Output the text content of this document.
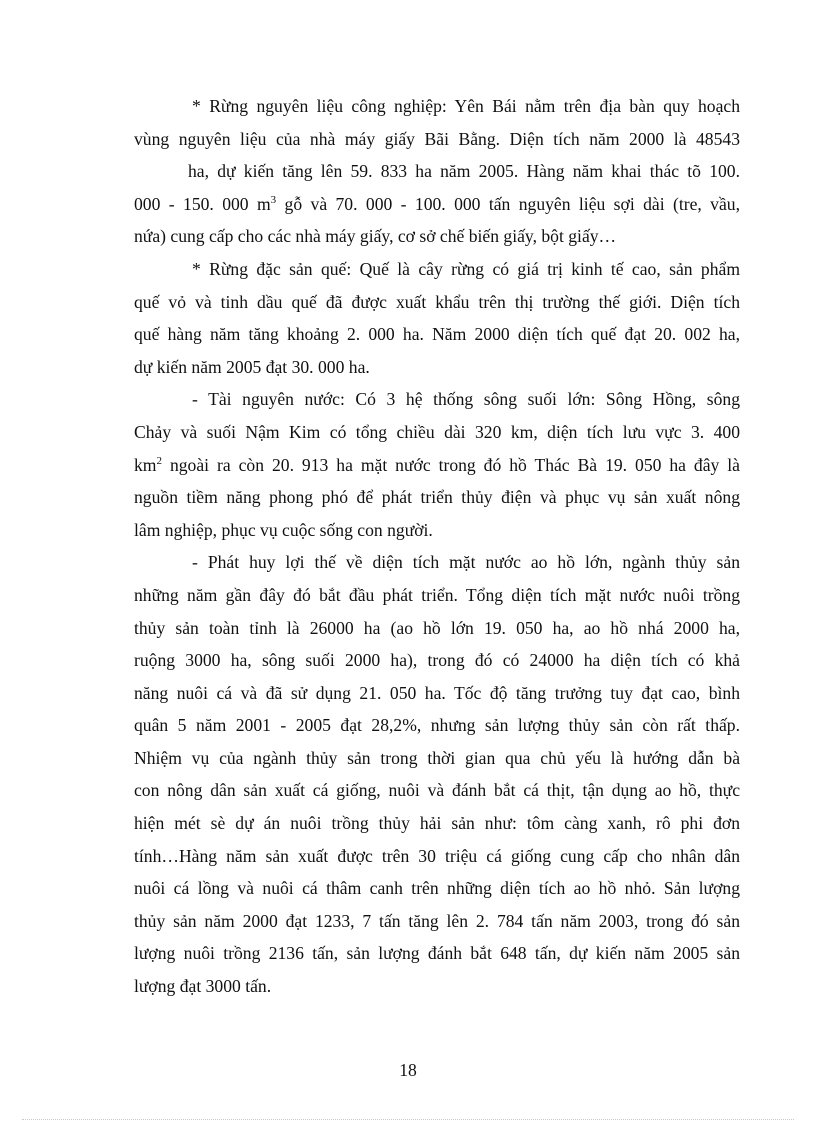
* Rừng nguyên liệu công nghiệp: Yên Bái nằm trên địa bàn quy hoạch
vùng nguyên liệu của nhà máy giấy Bãi Bằng. Diện tích năm 2000 là 48543
ha, dự kiến tăng lên 59. 833 ha năm 2005. Hàng năm khai thác tõ 100.
000 - 150. 000 $m^3$ gỗ và 70. 000 - 100. 000 tấn nguyên liệu sợi dài (tre, vầu,
nứa) cung cấp cho các nhà máy giấy, cơ sở chế biến giấy, bột giấy…

* Rừng đặc sản quế: Quế là cây rừng có giá trị kinh tế cao, sản phẩm
quế vỏ và tinh dầu quế đã được xuất khẩu trên thị trường thế giới. Diện tích
quế hàng năm tăng khoảng 2. 000 ha. Năm 2000 diện tích quế đạt 20. 002 ha,
dự kiến năm 2005 đạt 30. 000 ha.

- Tài nguyên nước: Có 3 hệ thống sông suối lớn: Sông Hồng, sông
Chảy và suối Nậm Kim có tổng chiều dài 320 km, diện tích lưu vực 3. 400
$km^2$ ngoài ra còn 20. 913 ha mặt nước trong đó hồ Thác Bà 19. 050 ha đây là
nguồn tiềm năng phong phó để phát triển thủy điện và phục vụ sản xuất nông
lâm nghiệp, phục vụ cuộc sống con người.

- Phát huy lợi thế về diện tích mặt nước ao hồ lớn, ngành thủy sản
những năm gần đây đó bắt đầu phát triển. Tổng diện tích mặt nước nuôi trồng
thủy sản toàn tỉnh là 26000 ha (ao hồ lớn 19. 050 ha, ao hồ nhá 2000 ha,
ruộng 3000 ha, sông suối 2000 ha), trong đó có 24000 ha diện tích có khả
năng nuôi cá và đã sử dụng 21. 050 ha. Tốc độ tăng trưởng tuy đạt cao, bình
quân 5 năm 2001 - 2005 đạt 28,2%, nhưng sản lượng thủy sản còn rất thấp.
Nhiệm vụ của ngành thủy sản trong thời gian qua chủ yếu là hướng dẫn bà
con nông dân sản xuất cá giống, nuôi và đánh bắt cá thịt, tận dụng ao hồ, thực
hiện mét sè dự án nuôi trồng thủy hải sản như: tôm càng xanh, rô phi đơn
tính…Hàng năm sản xuất được trên 30 triệu cá giống cung cấp cho nhân dân
nuôi cá lồng và nuôi cá thâm canh trên những diện tích ao hồ nhỏ. Sản lượng
thủy sản năm 2000 đạt 1233, 7 tấn tăng lên 2. 784 tấn năm 2003, trong đó sản
lượng nuôi trồng 2136 tấn, sản lượng đánh bắt 648 tấn, dự kiến năm 2005 sản
lượng đạt 3000 tấn.

18
